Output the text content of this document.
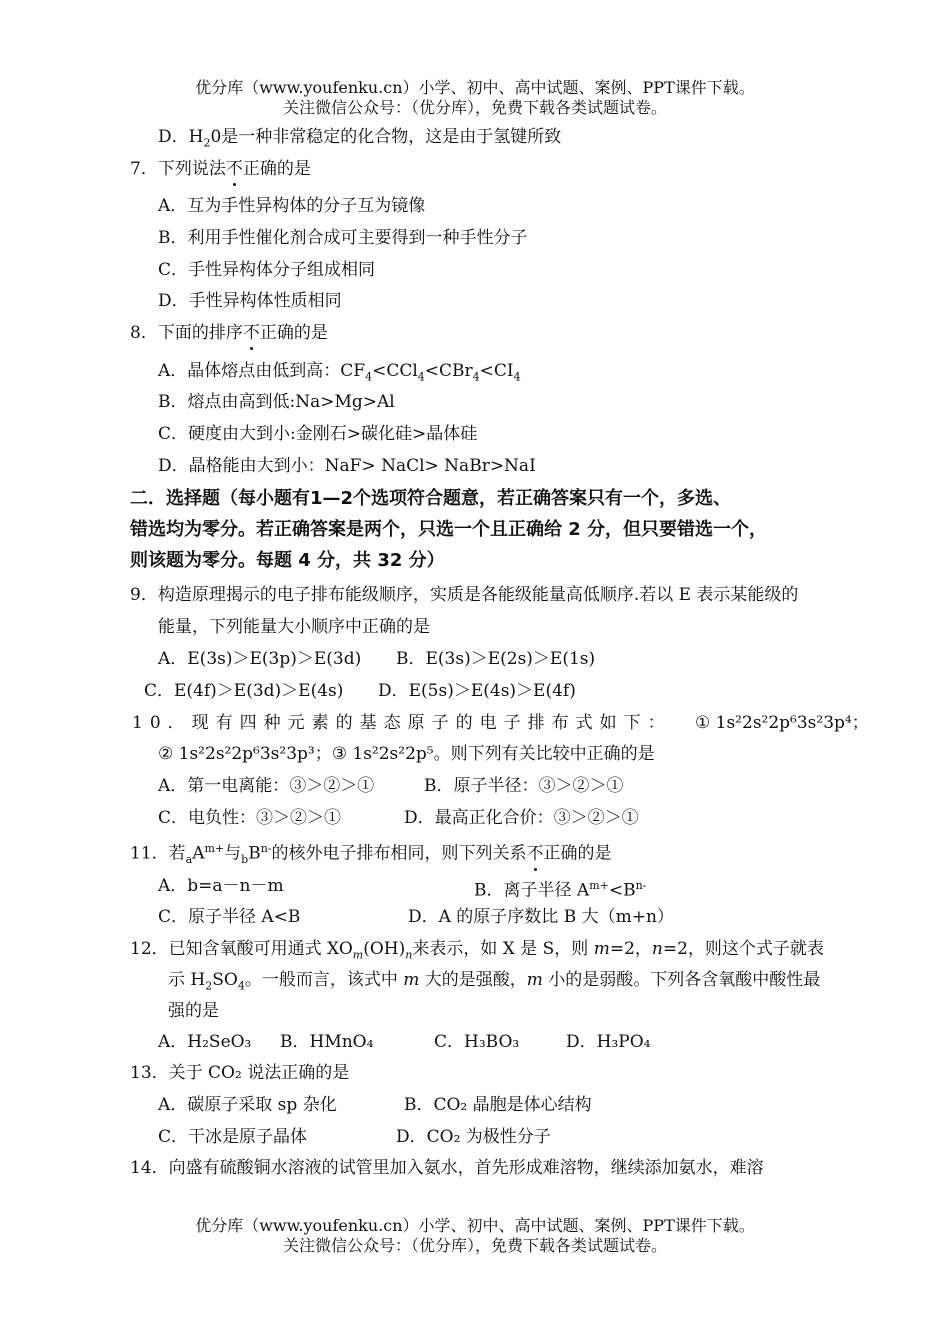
优分库（www.youfenku.cn）小学、初中、高中试题、案例、PPT课件下载。
关注微信公众号：（优分库），免费下载各类试题试卷。
D．$H_20$是一种非常稳定的化合物，这是由于氢键所致
7．下列说法不正确的是
A．互为手性异构体的分子互为镜像
B．利用手性催化剂合成可主要得到一种手性分子
C．手性异构体分子组成相同
D．手性异构体性质相同
8．下面的排序不正确的是
A．晶体熔点由低到高：$CF_4<CCl_4<CBr_4<CI_4$
B．熔点由高到低:Na>Mg>Al
C．硬度由大到小:金刚石>碳化硅>晶体硅
D．晶格能由大到小：NaF> NaCl> NaBr>NaI
二．选择题（每小题有1—2个选项符合题意，若正确答案只有一个，多选、
错选均为零分。若正确答案是两个，只选一个且正确给 2 分，但只要错选一个，
则该题为零分。每题 4 分，共 32 分）
9．构造原理揭示的电子排布能级顺序，实质是各能级能量高低顺序.若以 E 表示某能级的
能量，下列能量大小顺序中正确的是
A．E(3s)＞E(3p)＞E(3d) B．E(3s)＞E(2s)＞E(1s)
C．E(4f)＞E(3d)＞E(4s) D．E(5s)＞E(4s)＞E(4f)
10．现有四种元素的基态原子的电子排布式如下： ① 1s²2s²2p⁶3s²3p⁴；
② 1s²2s²2p⁶3s²3p³；③ 1s²2s²2p⁵。则下列有关比较中正确的是
A．第一电离能：③＞②＞①	B．原子半径：③＞②＞①
C．电负性：③＞②＞①	D．最高正化合价：③＞②＞①
11．若$_aA^{m+}$与$_bB^{n-}$的核外电子排布相同，则下列关系不正确的是
A．b=a－n－m	B．离子半径 $A^{m+}<B^{n-}$
C．原子半径 A<B	D．A 的原子序数比 B 大（m+n）
12．已知含氧酸可用通式 $XO_m(OH)_n$来表示，如 X 是 S，则 m=2，n=2，则这个式子就表
示 $H_2SO_4$。一般而言，该式中 m 大的是强酸，m 小的是弱酸。下列各含氧酸中酸性最
强的是
A．H₂SeO₃ B．HMnO₄	C．H₃BO₃	D．H₃PO₄
13．关于 CO₂ 说法正确的是
A．碳原子采取 sp 杂化	B．CO₂ 晶胞是体心结构
C．干冰是原子晶体	D．CO₂ 为极性分子
14．向盛有硫酸铜水溶液的试管里加入氨水，首先形成难溶物，继续添加氨水，难溶
优分库（www.youfenku.cn）小学、初中、高中试题、案例、PPT课件下载。
关注微信公众号：（优分库），免费下载各类试题试卷。
